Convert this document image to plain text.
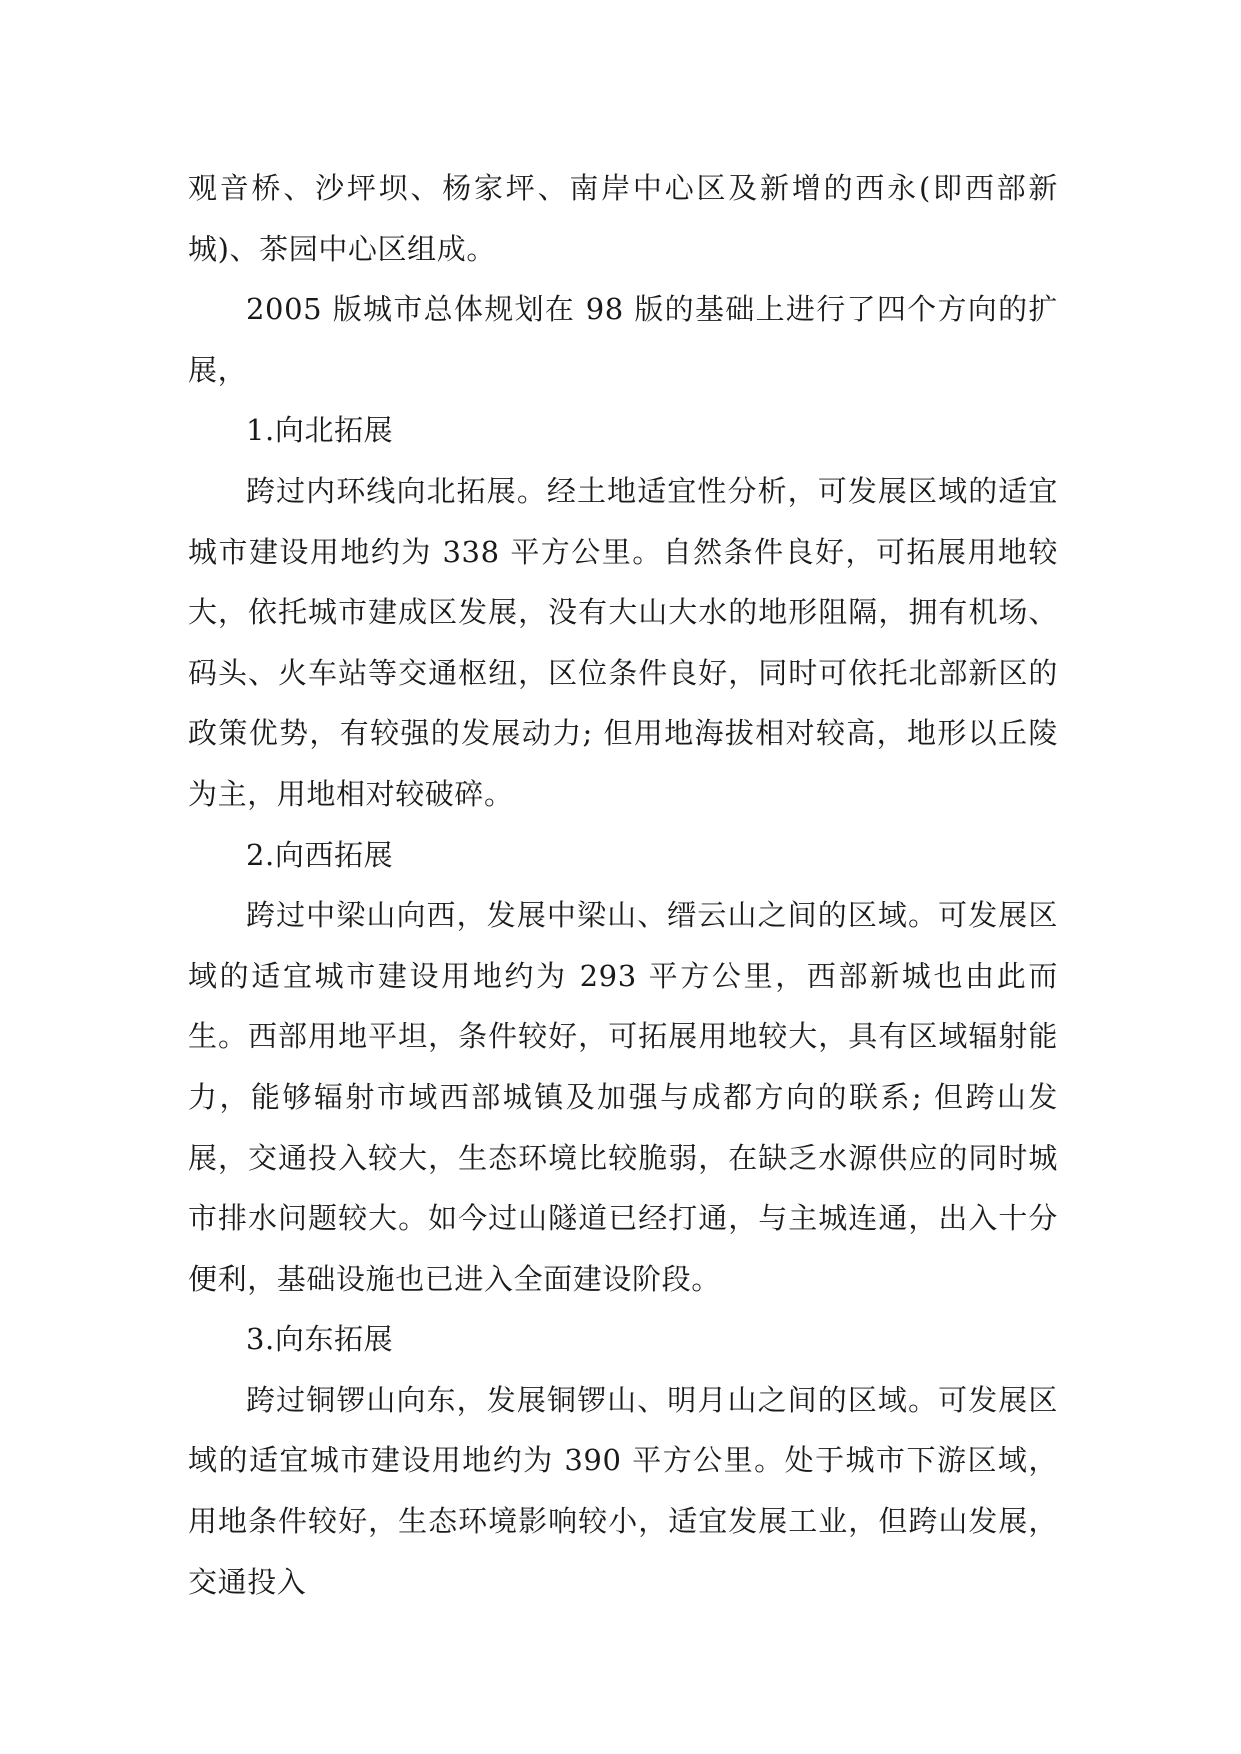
观音桥、沙坪坝、杨家坪、南岸中心区及新增的西永(即西部新城)、茶园中心区组成。

2005 版城市总体规划在 98 版的基础上进行了四个方向的扩展，

1.向北拓展

跨过内环线向北拓展。经土地适宜性分析，可发展区域的适宜城市建设用地约为 338 平方公里。自然条件良好，可拓展用地较大，依托城市建成区发展，没有大山大水的地形阻隔，拥有机场、码头、火车站等交通枢纽，区位条件良好，同时可依托北部新区的政策优势，有较强的发展动力; 但用地海拔相对较高，地形以丘陵为主，用地相对较破碎。

2.向西拓展

跨过中梁山向西，发展中梁山、缙云山之间的区域。可发展区域的适宜城市建设用地约为 293 平方公里，西部新城也由此而生。西部用地平坦，条件较好，可拓展用地较大，具有区域辐射能力，能够辐射市域西部城镇及加强与成都方向的联系; 但跨山发展，交通投入较大，生态环境比较脆弱，在缺乏水源供应的同时城市排水问题较大。如今过山隧道已经打通，与主城连通，出入十分便利，基础设施也已进入全面建设阶段。

3.向东拓展

跨过铜锣山向东，发展铜锣山、明月山之间的区域。可发展区域的适宜城市建设用地约为 390 平方公里。处于城市下游区域，用地条件较好，生态环境影响较小，适宜发展工业，但跨山发展，交通投入
